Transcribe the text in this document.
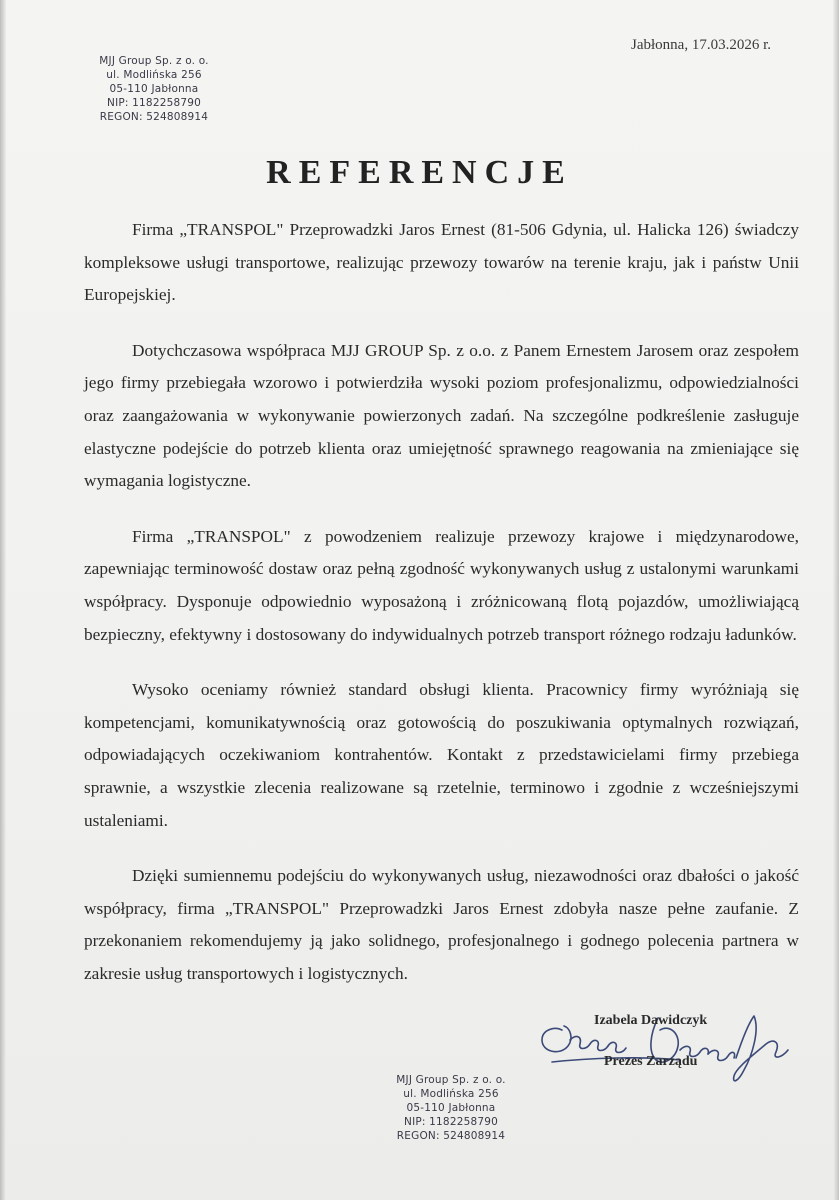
MJJ Group Sp. z o. o.
ul. Modlińska 256
05-110 Jabłonna
NIP: 1182258790
REGON: 524808914
Jabłonna, 17.03.2026 r.
REFERENCJE

Firma „TRANSPOL" Przeprowadzki Jaros Ernest (81-506 Gdynia, ul. Halicka 126) świadczy kompleksowe usługi transportowe, realizując przewozy towarów na terenie kraju, jak i państw Unii Europejskiej.

Dotychczasowa współpraca MJJ GROUP Sp. z o.o. z Panem Ernestem Jarosem oraz zespołem jego firmy przebiegała wzorowo i potwierdziła wysoki poziom profesjonalizmu, odpowiedzialności oraz zaangażowania w wykonywanie powierzonych zadań. Na szczególne podkreślenie zasługuje elastyczne podejście do potrzeb klienta oraz umiejętność sprawnego reagowania na zmieniające się wymagania logistyczne.

Firma „TRANSPOL" z powodzeniem realizuje przewozy krajowe i międzynarodowe, zapewniając terminowość dostaw oraz pełną zgodność wykonywanych usług z ustalonymi warunkami współpracy. Dysponuje odpowiednio wyposażoną i zróżnicowaną flotą pojazdów, umożliwiającą bezpieczny, efektywny i dostosowany do indywidualnych potrzeb transport różnego rodzaju ładunków.

Wysoko oceniamy również standard obsługi klienta. Pracownicy firmy wyróżniają się kompetencjami, komunikatywnością oraz gotowością do poszukiwania optymalnych rozwiązań, odpowiadających oczekiwaniom kontrahentów. Kontakt z przedstawicielami firmy przebiega sprawnie, a wszystkie zlecenia realizowane są rzetelnie, terminowo i zgodnie z wcześniejszymi ustaleniami.

Dzięki sumiennemu podejściu do wykonywanych usług, niezawodności oraz dbałości o jakość współpracy, firma „TRANSPOL" Przeprowadzki Jaros Ernest zdobyła nasze pełne zaufanie. Z przekonaniem rekomendujemy ją jako solidnego, profesjonalnego i godnego polecenia partnera w zakresie usług transportowych i logistycznych.

Izabela Dawidczyk
Prezes Zarządu
MJJ Group Sp. z o. o.
ul. Modlińska 256
05-110 Jabłonna
NIP: 1182258790
REGON: 524808914
